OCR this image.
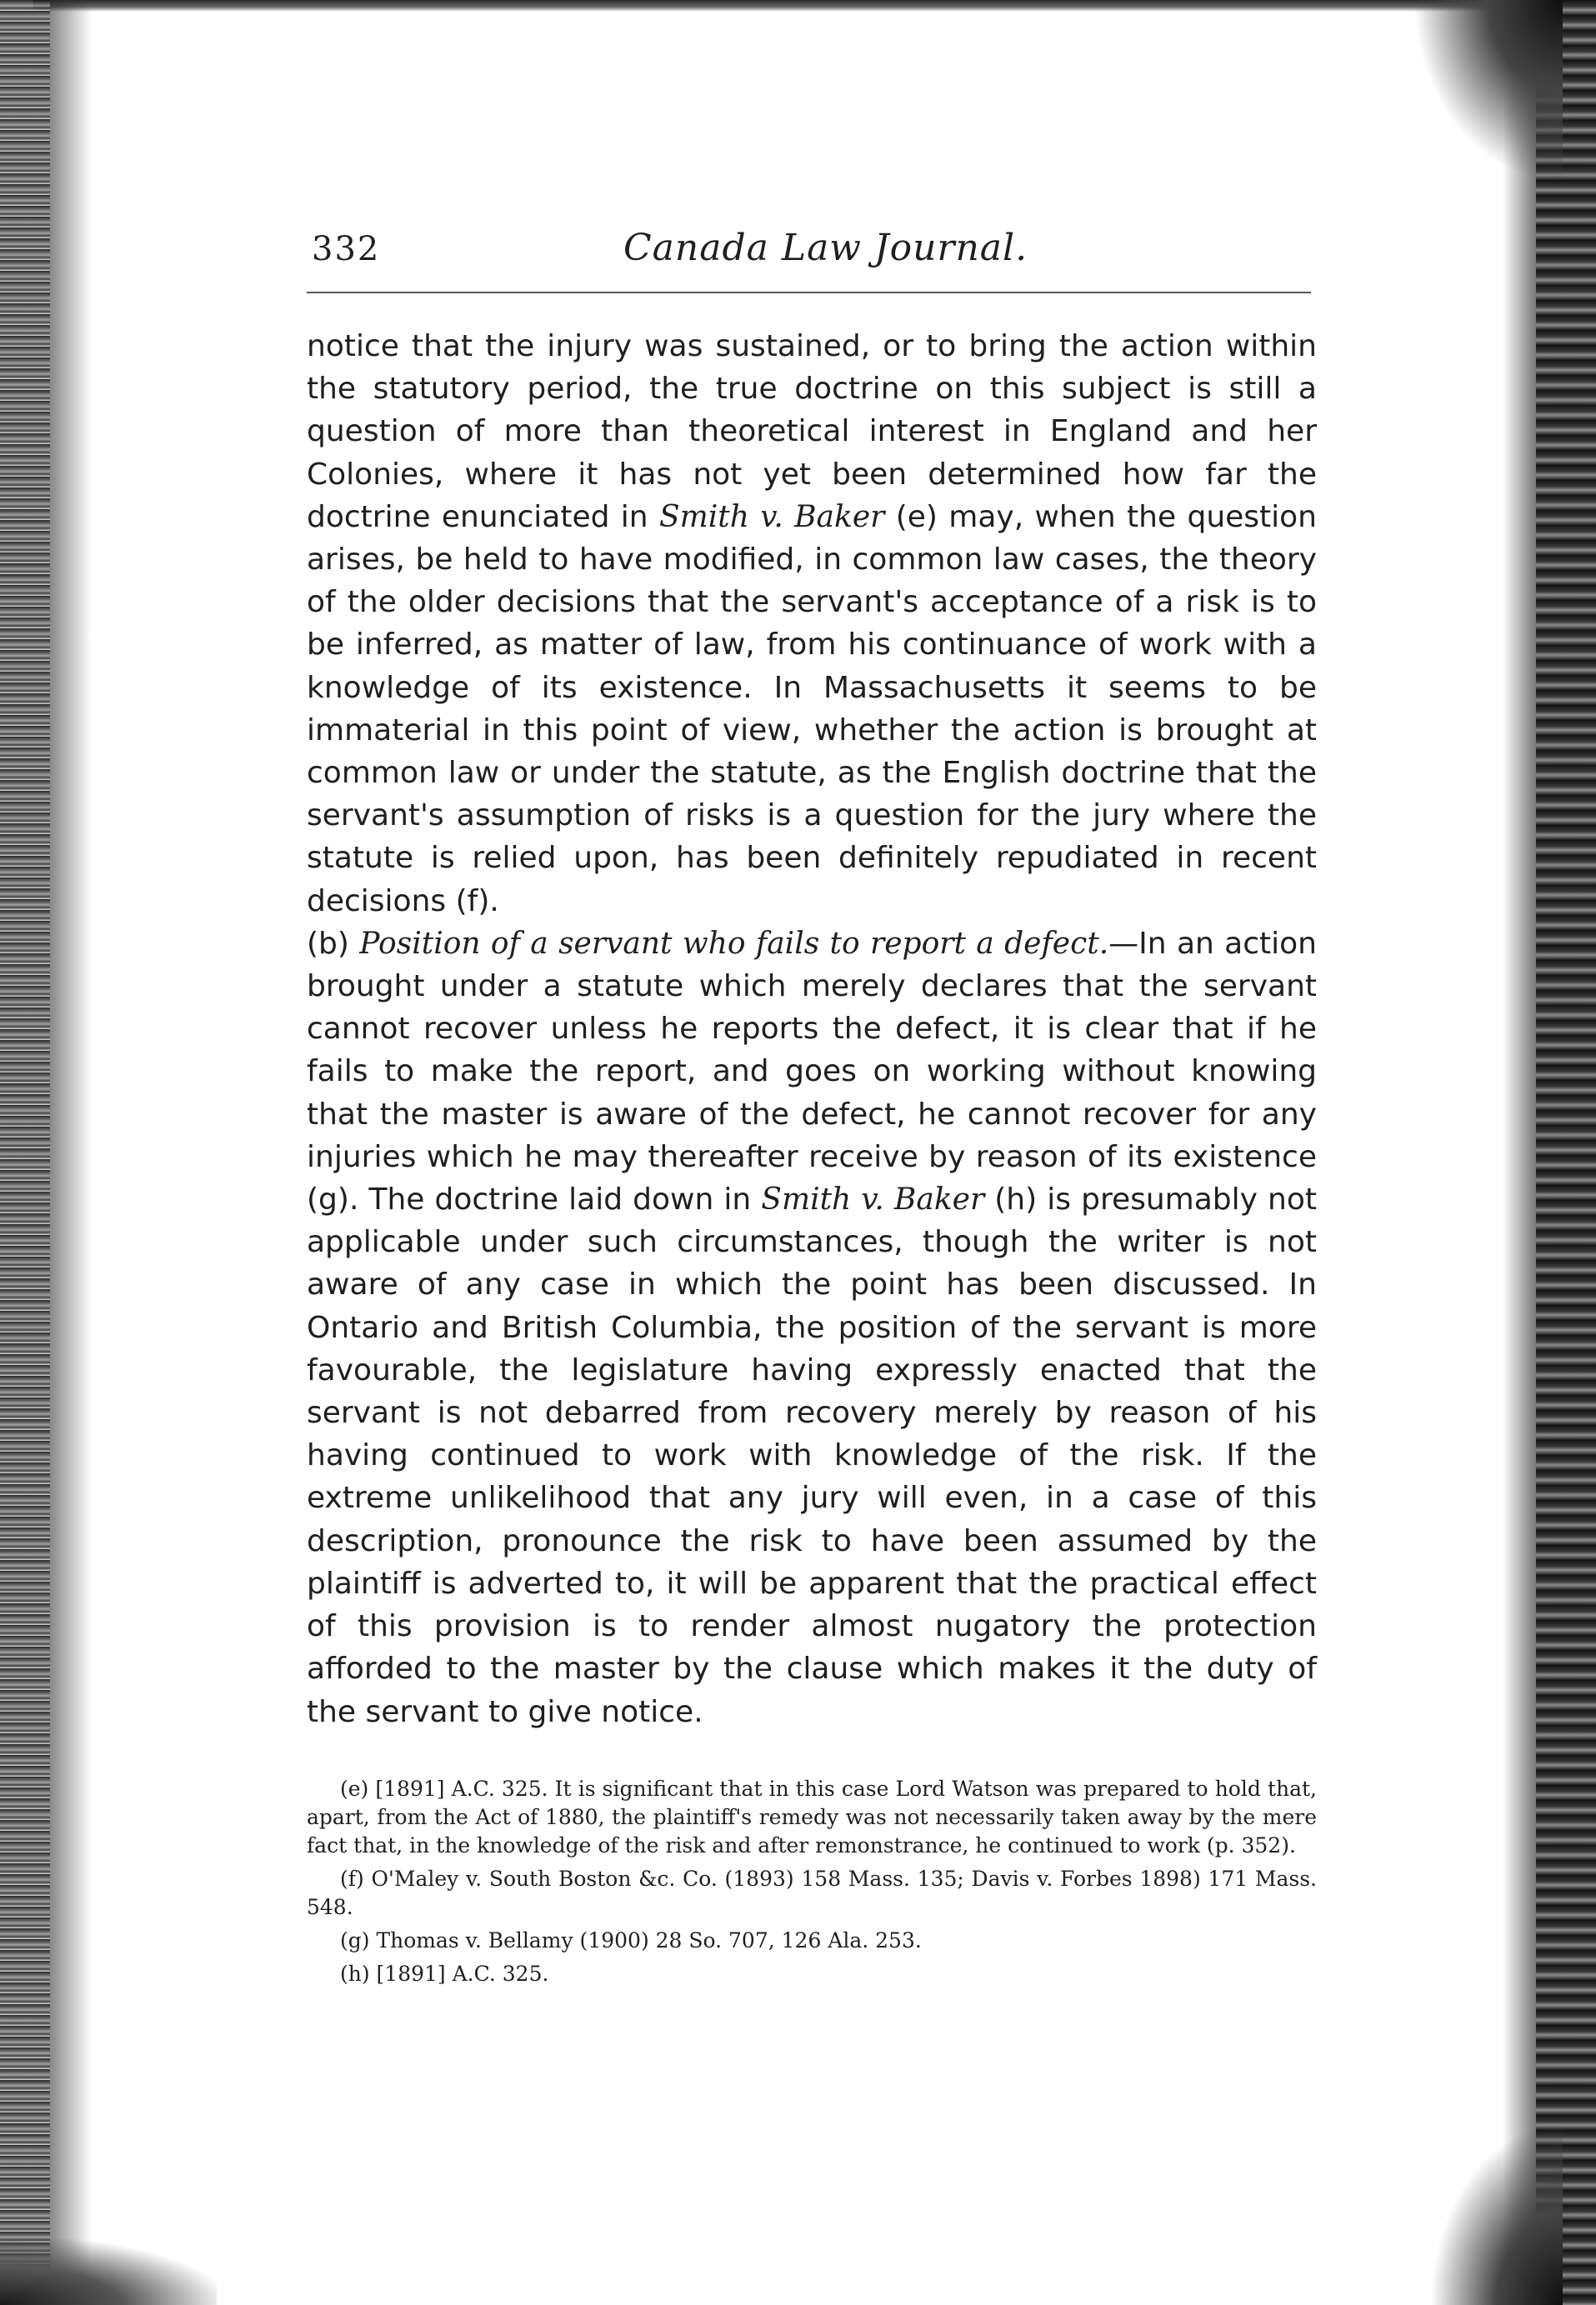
332	Canada Law Journal.

notice that the injury was sustained, or to bring the action within the statutory period, the true doctrine on this subject is still a question of more than theoretical interest in England and her Colonies, where it has not yet been determined how far the doctrine enunciated in Smith v. Baker (e) may, when the question arises, be held to have modified, in common law cases, the theory of the older decisions that the servant's acceptance of a risk is to be inferred, as matter of law, from his continuance of work with a knowledge of its existence. In Massachusetts it seems to be immaterial in this point of view, whether the action is brought at common law or under the statute, as the English doctrine that the servant's assumption of risks is a question for the jury where the statute is relied upon, has been definitely repudiated in recent decisions (f).

(b) Position of a servant who fails to report a defect.—In an action brought under a statute which merely declares that the servant cannot recover unless he reports the defect, it is clear that if he fails to make the report, and goes on working without knowing that the master is aware of the defect, he cannot recover for any injuries which he may thereafter receive by reason of its existence (g). The doctrine laid down in Smith v. Baker (h) is presumably not applicable under such circumstances, though the writer is not aware of any case in which the point has been discussed. In Ontario and British Columbia, the position of the servant is more favourable, the legislature having expressly enacted that the servant is not debarred from recovery merely by reason of his having continued to work with knowledge of the risk. If the extreme unlikelihood that any jury will even, in a case of this description, pronounce the risk to have been assumed by the plaintiff is adverted to, it will be apparent that the practical effect of this provision is to render almost nugatory the protection afforded to the master by the clause which makes it the duty of the servant to give notice.

(e) [1891] A.C. 325. It is significant that in this case Lord Watson was prepared to hold that, apart, from the Act of 1880, the plaintiff's remedy was not necessarily taken away by the mere fact that, in the knowledge of the risk and after remonstrance, he continued to work (p. 352).

(f) O'Maley v. South Boston &c. Co. (1893) 158 Mass. 135; Davis v. Forbes 1898) 171 Mass. 548.

(g) Thomas v. Bellamy (1900) 28 So. 707, 126 Ala. 253.

(h) [1891] A.C. 325.
